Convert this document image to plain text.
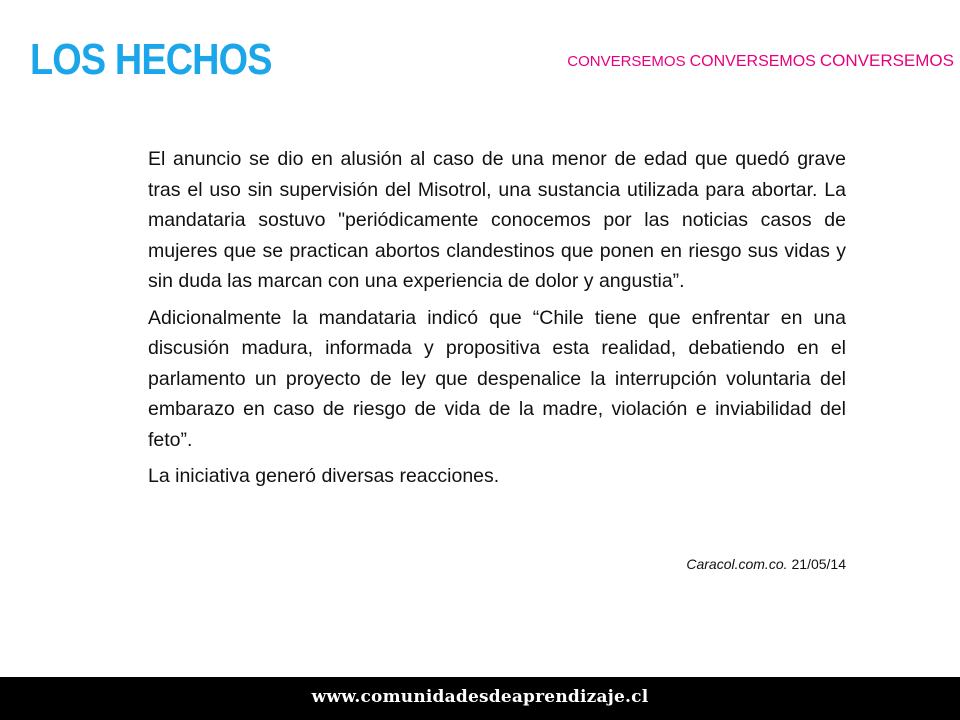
LOS HECHOS	CONVERSEMOS CONVERSEMOS CONVERSEMOS

El anuncio se dio en alusión al caso de una menor de edad que quedó grave tras el uso sin supervisión del Misotrol, una sustancia utilizada para abortar. La mandataria sostuvo "periódicamente conocemos por las noticias casos de mujeres que se practican abortos clandestinos que ponen en riesgo sus vidas y sin duda las marcan con una experiencia de dolor y angustia”.

Adicionalmente la mandataria indicó que “Chile tiene que enfrentar en una discusión madura, informada y propositiva esta realidad, debatiendo en el parlamento un proyecto de ley que despenalice la interrupción voluntaria del embarazo en caso de riesgo de vida de la madre, violación e inviabilidad del feto”.

La iniciativa generó diversas reacciones.

Caracol.com.co. 21/05/14
www.comunidadesdeaprendizaje.cl
